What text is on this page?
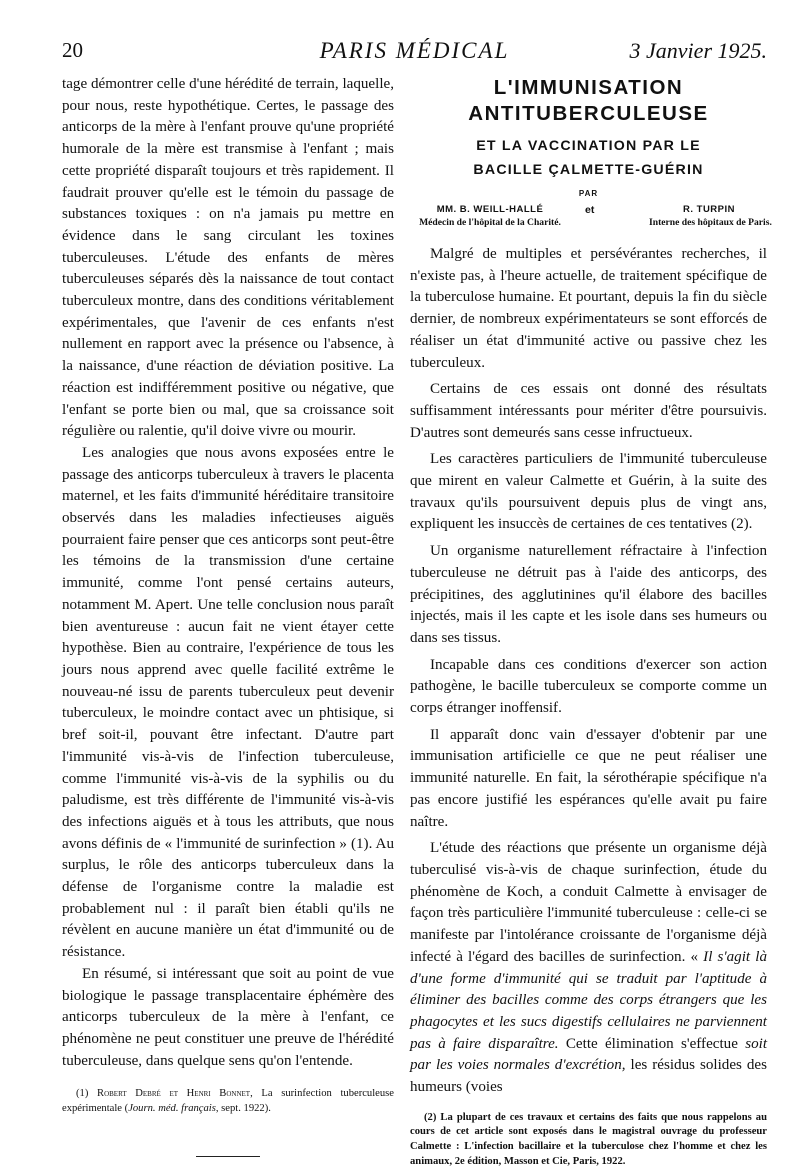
20	PARIS MÉDICAL	3 Janvier 1925.

tage démontrer celle d'une hérédité de terrain, laquelle, pour nous, reste hypothétique. Certes, le passage des anticorps de la mère à l'enfant prouve qu'une propriété humorale de la mère est transmise à l'enfant ; mais cette propriété disparaît toujours et très rapidement. Il faudrait prouver qu'elle est le témoin du passage de substances toxiques : on n'a jamais pu mettre en évidence dans le sang circulant les toxines tuberculeuses. L'étude des enfants de mères tuberculeuses séparés dès la naissance de tout contact tuberculeux montre, dans des conditions véritablement expérimentales, que l'avenir de ces enfants n'est nullement en rapport avec la présence ou l'absence, à la naissance, d'une réaction de déviation positive. La réaction est indifféremment positive ou négative, que l'enfant se porte bien ou mal, que sa croissance soit régulière ou ralentie, qu'il doive vivre ou mourir.

Les analogies que nous avons exposées entre le passage des anticorps tuberculeux à travers le placenta maternel, et les faits d'immunité héréditaire transitoire observés dans les maladies infectieuses aiguës pourraient faire penser que ces anticorps sont peut-être les témoins de la transmission d'une certaine immunité, comme l'ont pensé certains auteurs, notamment M. Apert. Une telle conclusion nous paraît bien aventureuse : aucun fait ne vient étayer cette hypothèse. Bien au contraire, l'expérience de tous les jours nous apprend avec quelle facilité extrême le nouveau-né issu de parents tuberculeux peut devenir tuberculeux, le moindre contact avec un phtisique, si bref soit-il, pouvant être infectant. D'autre part l'immunité vis-à-vis de l'infection tuberculeuse, comme l'immunité vis-à-vis de la syphilis ou du paludisme, est très différente de l'immunité vis-à-vis des infections aiguës et à tous les attributs, que nous avons définis de « l'immunité de surinfection » (1). Au surplus, le rôle des anticorps tuberculeux dans la défense de l'organisme contre la maladie est probablement nul : il paraît bien établi qu'ils ne révèlent en aucune manière un état d'immunité ou de résistance.

En résumé, si intéressant que soit au point de vue biologique le passage transplacentaire éphémère des anticorps tuberculeux de la mère à l'enfant, ce phénomène ne peut constituer une preuve de l'hérédité tuberculeuse, dans quelque sens qu'on l'entende.

(1) Robert Debré et Henri Bonnet, La surinfection tuberculeuse expérimentale (Journ. méd. français, sept. 1922).

L'IMMUNISATION
ANTITUBERCULEUSE
ET LA VACCINATION PAR LE
BACILLE ÇALMETTE-GUÉRIN
PAR
MM. B. WEILL-HALLÉ
Médecin de l'hôpital de la Charité.
et	R. TURPIN
Interne des hôpitaux de Paris.

Malgré de multiples et persévérantes recherches, il n'existe pas, à l'heure actuelle, de traitement spécifique de la tuberculose humaine. Et pourtant, depuis la fin du siècle dernier, de nombreux expérimentateurs se sont efforcés de réaliser un état d'immunité active ou passive chez les tuberculeux.

Certains de ces essais ont donné des résultats suffisamment intéressants pour mériter d'être poursuivis. D'autres sont demeurés sans cesse infructueux.

Les caractères particuliers de l'immunité tuberculeuse que mirent en valeur Calmette et Guérin, à la suite des travaux qu'ils poursuivent depuis plus de vingt ans, expliquent les insuccès de certaines de ces tentatives (2).

Un organisme naturellement réfractaire à l'infection tuberculeuse ne détruit pas à l'aide des anticorps, des précipitines, des agglutinines qu'il élabore des bacilles injectés, mais il les capte et les isole dans ses humeurs ou dans ses tissus.

Incapable dans ces conditions d'exercer son action pathogène, le bacille tuberculeux se comporte comme un corps étranger inoffensif.

Il apparaît donc vain d'essayer d'obtenir par une immunisation artificielle ce que ne peut réaliser une immunité naturelle. En fait, la sérothérapie spécifique n'a pas encore justifié les espérances qu'elle avait pu faire naître.

L'étude des réactions que présente un organisme déjà tuberculisé vis-à-vis de chaque surinfection, étude du phénomène de Koch, a conduit Calmette à envisager de façon très particulière l'immunité tuberculeuse : celle-ci se manifeste par l'intolérance croissante de l'organisme déjà infecté à l'égard des bacilles de surinfection. « Il s'agit là d'une forme d'immunité qui se traduit par l'aptitude à éliminer des bacilles comme des corps étrangers que les phagocytes et les sucs digestifs cellulaires ne parviennent pas à faire disparaître. Cette élimination s'effectue soit par les voies normales d'excrétion, les résidus solides des humeurs (voies

(2) La plupart de ces travaux et certains des faits que nous rappelons au cours de cet article sont exposés dans le magistral ouvrage du professeur Calmette : L'infection bacillaire et la tuberculose chez l'homme et chez les animaux, 2e édition, Masson et Cie, Paris, 1922.
